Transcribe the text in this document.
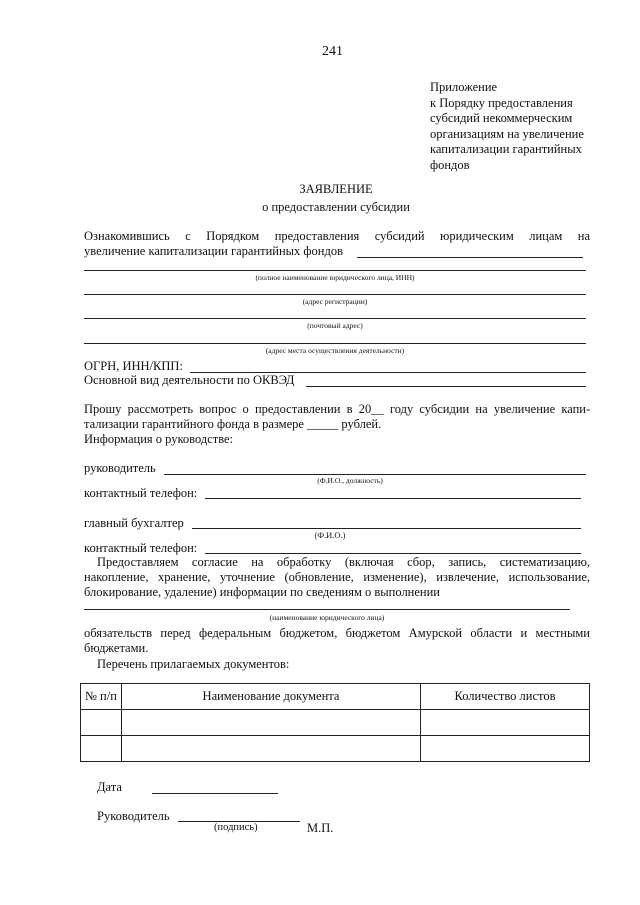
241
Приложение
к Порядку предоставления
субсидий некоммерческим
организациям на увеличение
капитализации гарантийных
фондов
ЗАЯВЛЕНИЕ
о предоставлении субсидии
Ознакомившись с Порядком предоставления субсидий юридическим лицам на
увеличение капитализации гарантийных фондов
(полное наименование юридического лица, ИНН)
(адрес регистрации)
(почтовый адрес)
(адрес места осуществления деятельности)
ОГРН, ИНН/КПП:
Основной вид деятельности по ОКВЭД
Прошу рассмотреть вопрос о предоставлении в 20__ году субсидии на увеличение капи-
тализации гарантийного фонда в размере _____ рублей.
Информация о руководстве:
руководитель
(Ф.И.О., должность)
контактный телефон:
главный бухгалтер
(Ф.И.О.)
контактный телефон:
Предоставляем согласие на обработку (включая сбор, запись, систематизацию,
накопление, хранение, уточнение (обновление, изменение), извлечение, использование,
блокирование, удаление) информации по сведениям о выполнении
(наименование юридического лица)
обязательств перед федеральным бюджетом, бюджетом Амурской области и местными
бюджетами.
Перечень прилагаемых документов:
№ п/п	Наименование документа	Количество листов

Дата
Руководитель
(подпись)	М.П.
